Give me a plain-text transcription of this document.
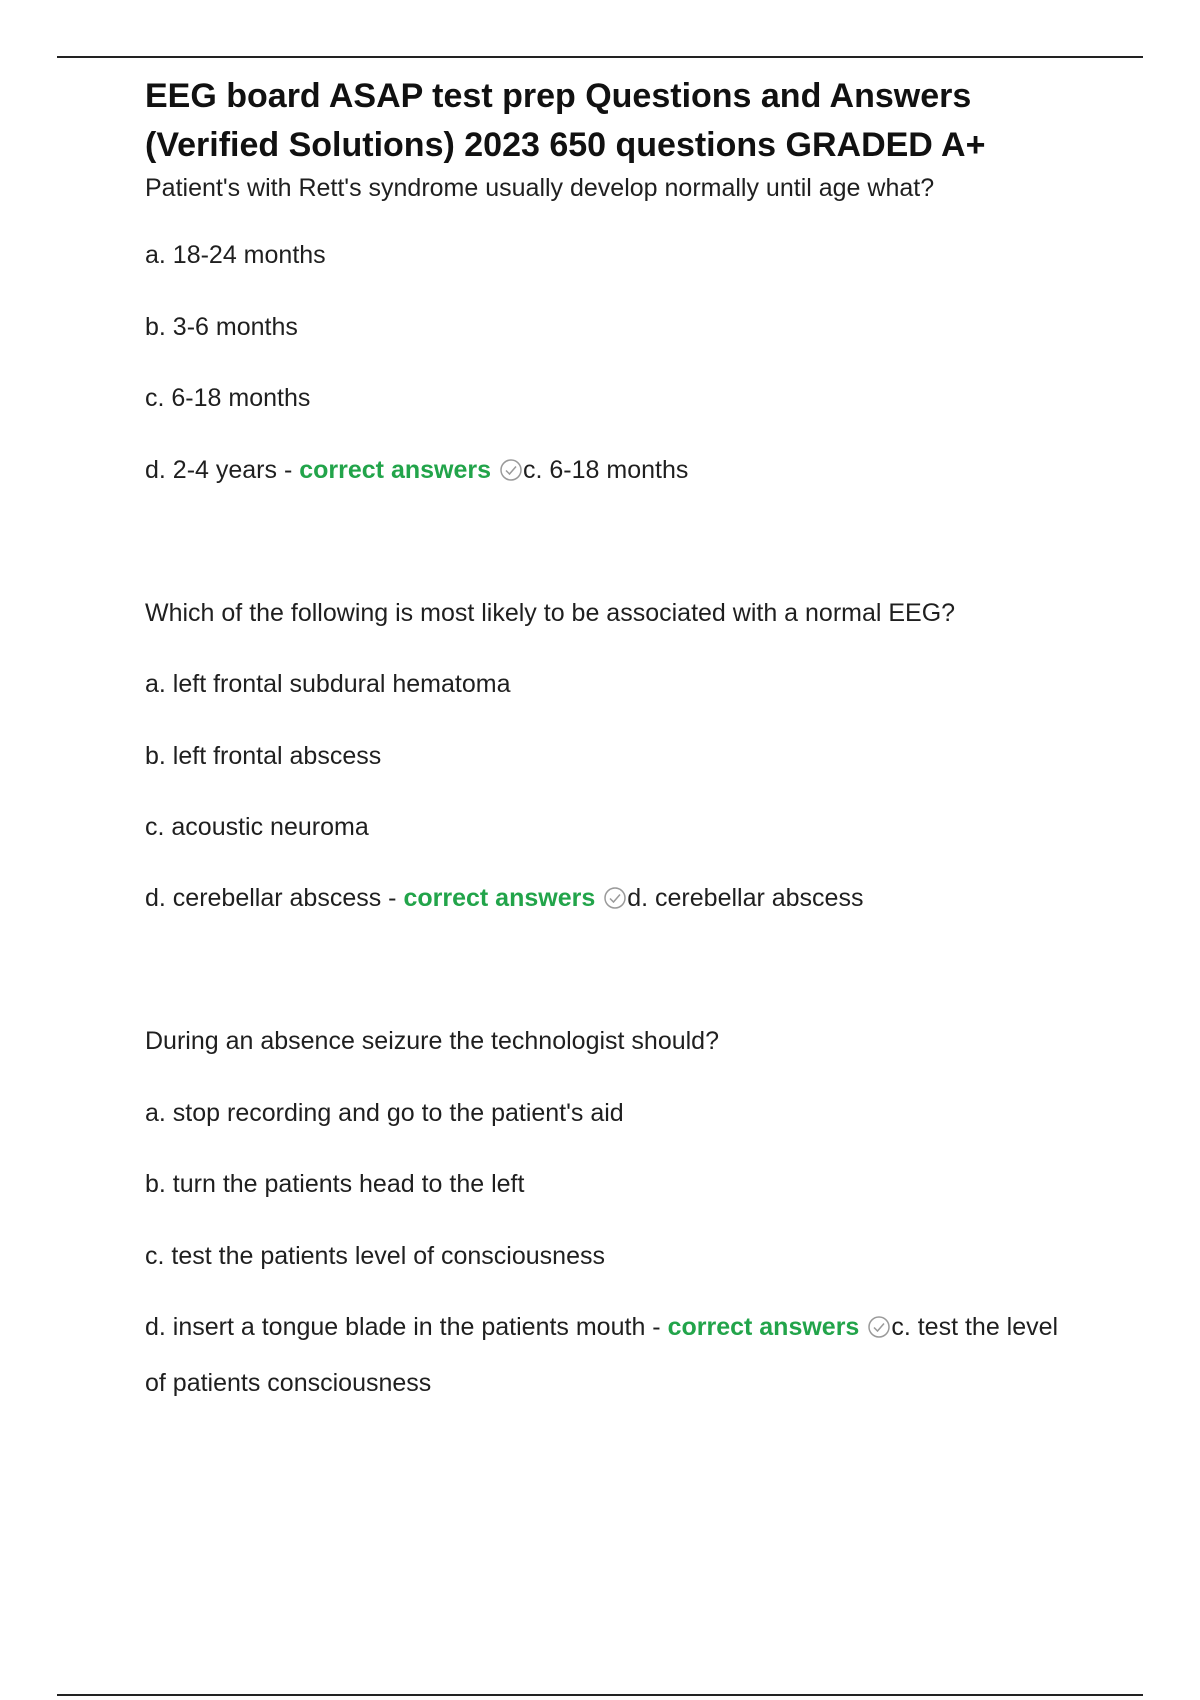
EEG board ASAP test prep Questions and Answers (Verified Solutions) 2023 650 questions GRADED A+

Patient's with Rett's syndrome usually develop normally until age what?

a. 18-24 months

b. 3-6 months

c. 6-18 months

d. 2-4 years - correct answers c. 6-18 months

Which of the following is most likely to be associated with a normal EEG?

a. left frontal subdural hematoma

b. left frontal abscess

c. acoustic neuroma

d. cerebellar abscess - correct answers d. cerebellar abscess

During an absence seizure the technologist should?

a. stop recording and go to the patient's aid

b. turn the patients head to the left

c. test the patients level of consciousness

d. insert a tongue blade in the patients mouth - correct answers c. test the level of patients consciousness
